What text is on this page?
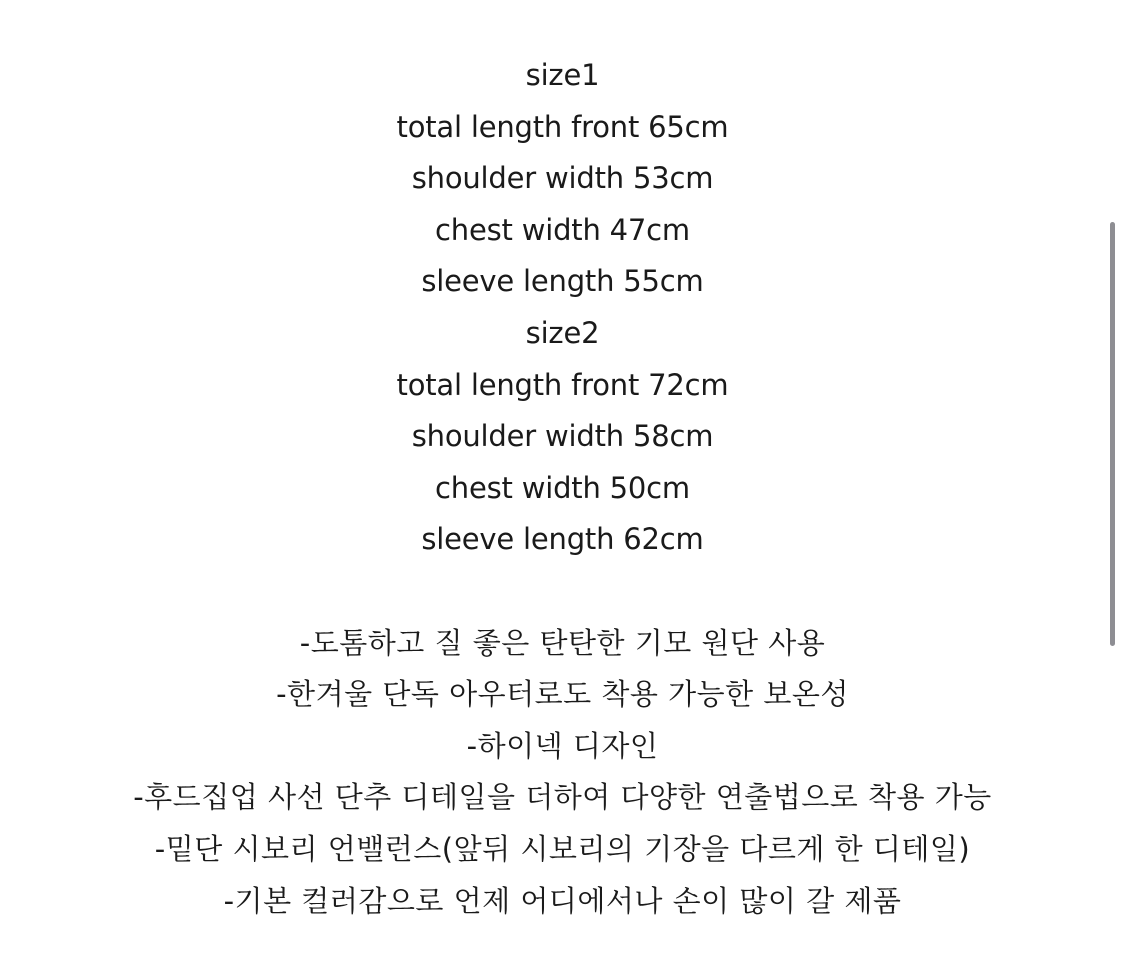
size1
total length front 65cm
shoulder width 53cm
chest width 47cm
sleeve length 55cm
size2
total length front 72cm
shoulder width 58cm
chest width 50cm
sleeve length 62cm
-도톰하고 질 좋은 탄탄한 기모 원단 사용
-한겨울 단독 아우터로도 착용 가능한 보온성
-하이넥 디자인
-후드집업 사선 단추 디테일을 더하여 다양한 연출법으로 착용 가능
-밑단 시보리 언밸런스(앞뒤 시보리의 기장을 다르게 한 디테일)
-기본 컬러감으로 언제 어디에서나 손이 많이 갈 제품
